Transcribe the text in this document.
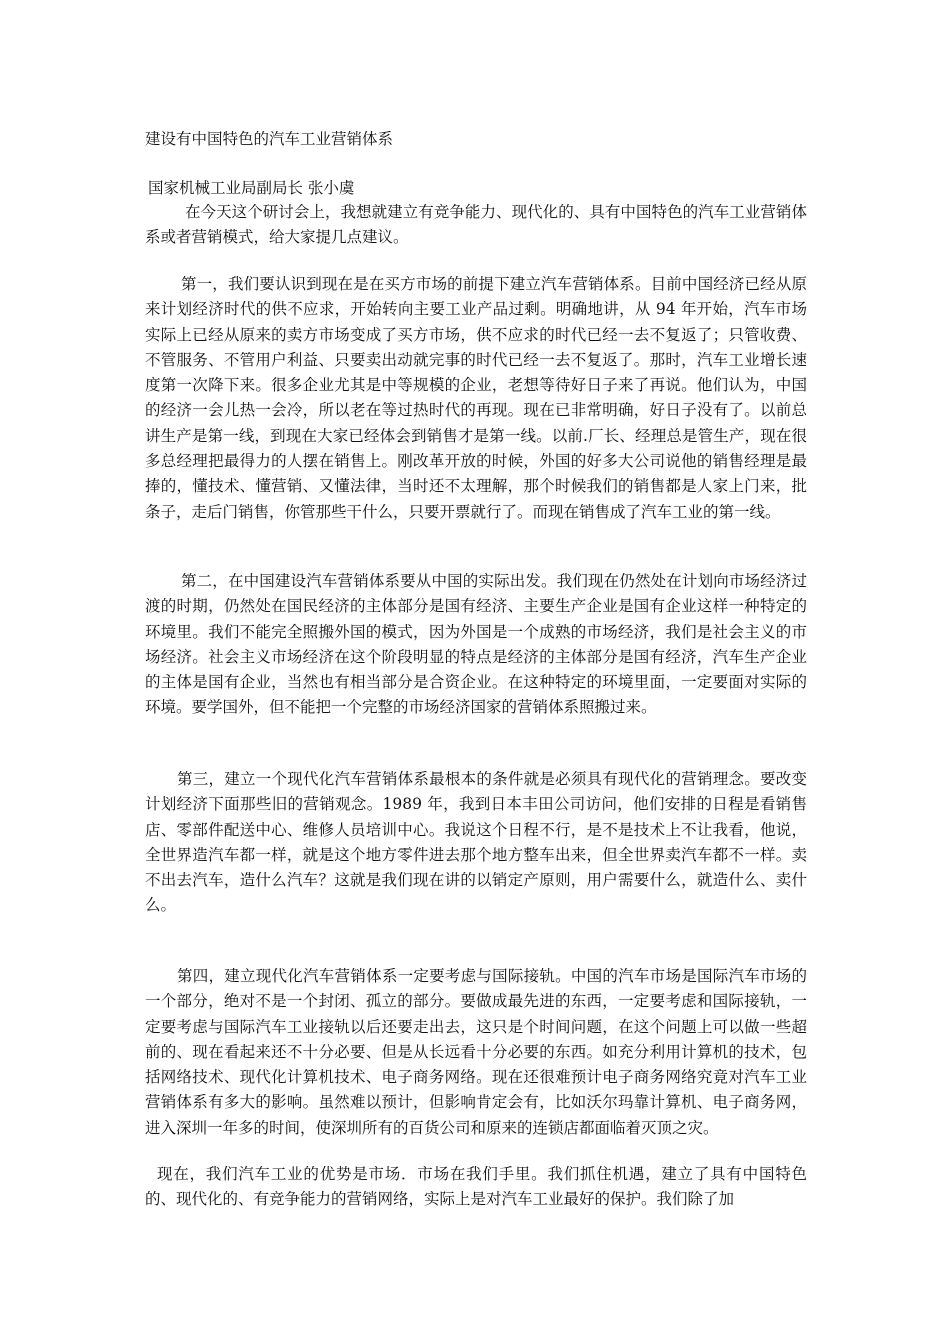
建设有中国特色的汽车工业营销体系
国家机械工业局副局长 张小虞
在今天这个研讨会上，我想就建立有竞争能力、现代化的、具有中国特色的汽车工业营销体系或者营销模式，给大家提几点建议。
第一，我们要认识到现在是在买方市场的前提下建立汽车营销体系。目前中国经济已经从原来计划经济时代的供不应求，开始转向主要工业产品过剩。明确地讲，从 94 年开始，汽车市场实际上已经从原来的卖方市场变成了买方市场，供不应求的时代已经一去不复返了；只管收费、不管服务、不管用户利益、只要卖出动就完事的时代已经一去不复返了。那时，汽车工业增长速度第一次降下来。很多企业尤其是中等规模的企业，老想等待好日子来了再说。他们认为，中国的经济一会儿热一会冷，所以老在等过热时代的再现。现在已非常明确，好日子没有了。以前总讲生产是第一线，到现在大家已经体会到销售才是第一线。以前.厂长、经理总是管生产，现在很多总经理把最得力的人摆在销售上。刚改革开放的时候，外国的好多大公司说他的销售经理是最捧的，懂技术、懂营销、又懂法律，当时还不太理解，那个时候我们的销售都是人家上门来，批条子，走后门销售，你管那些干什么，只要开票就行了。而现在销售成了汽车工业的第一线。
第二，在中国建设汽车营销体系要从中国的实际出发。我们现在仍然处在计划向市场经济过渡的时期，仍然处在国民经济的主体部分是国有经济、主要生产企业是国有企业这样一种特定的环境里。我们不能完全照搬外国的模式，因为外国是一个成熟的市场经济，我们是社会主义的市场经济。社会主义市场经济在这个阶段明显的特点是经济的主体部分是国有经济，汽车生产企业的主体是国有企业，当然也有相当部分是合资企业。在这种特定的环境里面，一定要面对实际的环境。要学国外，但不能把一个完整的市场经济国家的营销体系照搬过来。
第三，建立一个现代化汽车营销体系最根本的条件就是必须具有现代化的营销理念。要改变计划经济下面那些旧的营销观念。1989 年，我到日本丰田公司访问，他们安排的日程是看销售店、零部件配送中心、维修人员培训中心。我说这个日程不行，是不是技术上不让我看，他说，全世界造汽车都一样，就是这个地方零件进去那个地方整车出来，但全世界卖汽车都不一样。卖不出去汽车，造什么汽车？这就是我们现在讲的以销定产原则，用户需要什么，就造什么、卖什么。
第四，建立现代化汽车营销体系一定要考虑与国际接轨。中国的汽车市场是国际汽车市场的一个部分，绝对不是一个封闭、孤立的部分。要做成最先进的东西，一定要考虑和国际接轨，一定要考虑与国际汽车工业接轨以后还要走出去，这只是个时间问题，在这个问题上可以做一些超前的、现在看起来还不十分必要、但是从长远看十分必要的东西。如充分利用计算机的技术，包括网络技术、现代化计算机技术、电子商务网络。现在还很难预计电子商务网络究竟对汽车工业营销体系有多大的影响。虽然难以预计，但影响肯定会有，比如沃尔玛靠计算机、电子商务网，进入深圳一年多的时间，使深圳所有的百货公司和原来的连锁店都面临着灭顶之灾。
现在，我们汽车工业的优势是市场．市场在我们手里。我们抓住机遇，建立了具有中国特色的、现代化的、有竞争能力的营销网络，实际上是对汽车工业最好的保护。我们除了加
